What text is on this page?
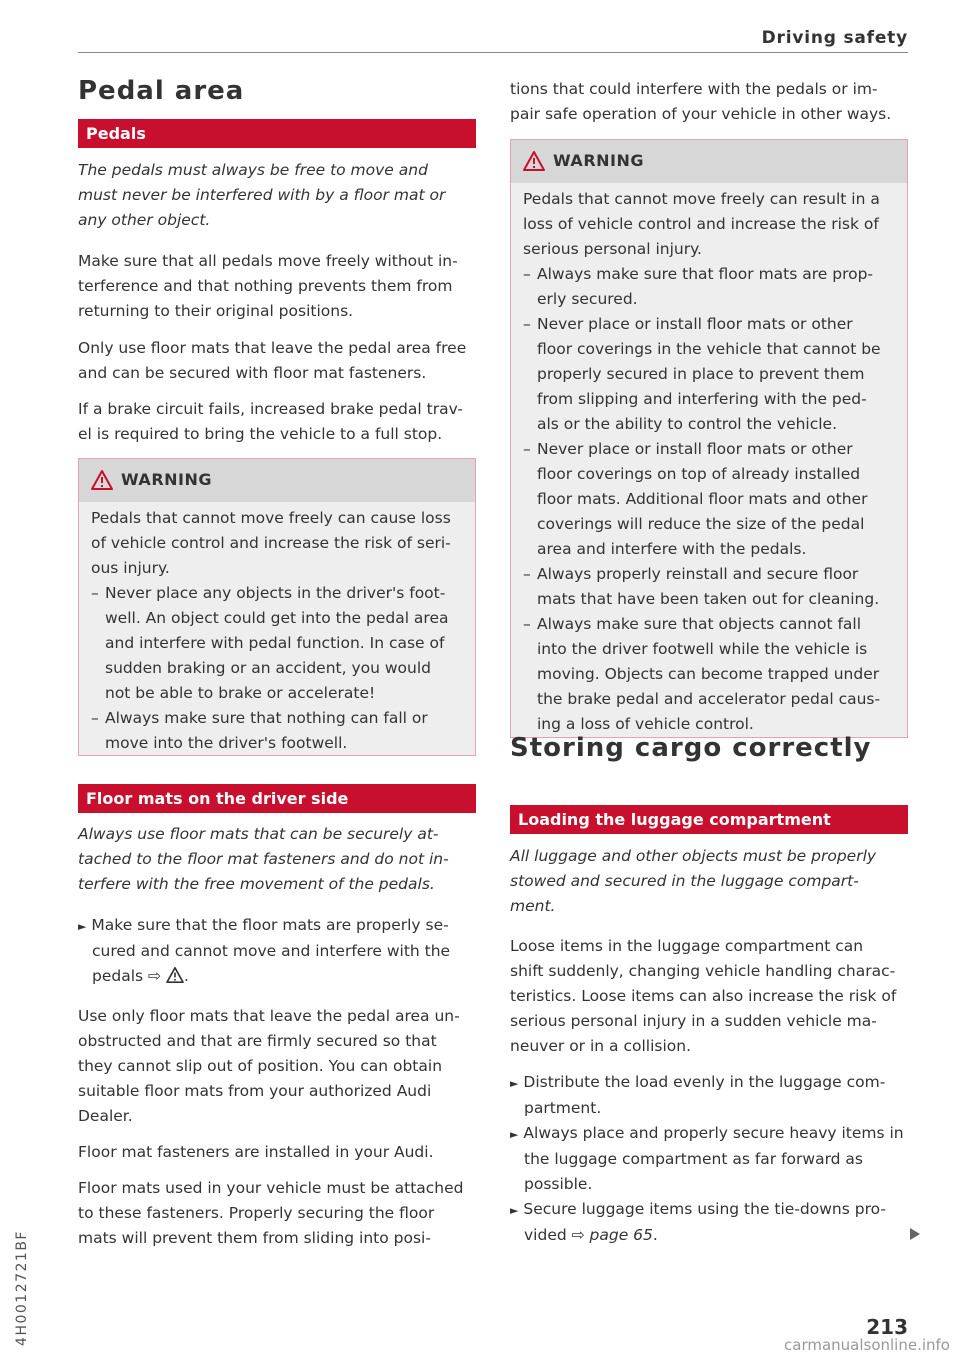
Driving safety
Pedal area
Pedals
The pedals must always be free to move and
must never be interfered with by a floor mat or
any other object.
Make sure that all pedals move freely without in-
terference and that nothing prevents them from
returning to their original positions.
Only use floor mats that leave the pedal area free
and can be secured with floor mat fasteners.
If a brake circuit fails, increased brake pedal trav-
el is required to bring the vehicle to a full stop.
WARNING
Pedals that cannot move freely can cause loss
of vehicle control and increase the risk of seri-
ous injury.
– Never place any objects in the driver's foot-
well. An object could get into the pedal area
and interfere with pedal function. In case of
sudden braking or an accident, you would
not be able to brake or accelerate!
– Always make sure that nothing can fall or
move into the driver's footwell.
Floor mats on the driver side
Always use floor mats that can be securely at-
tached to the floor mat fasteners and do not in-
terfere with the free movement of the pedals.
► Make sure that the floor mats are properly se-
cured and cannot move and interfere with the
pedals ⇨ .
Use only floor mats that leave the pedal area un-
obstructed and that are firmly secured so that
they cannot slip out of position. You can obtain
suitable floor mats from your authorized Audi
Dealer.
Floor mat fasteners are installed in your Audi.
Floor mats used in your vehicle must be attached
to these fasteners. Properly securing the floor
mats will prevent them from sliding into posi-
tions that could interfere with the pedals or im-
pair safe operation of your vehicle in other ways.
WARNING
Pedals that cannot move freely can result in a
loss of vehicle control and increase the risk of
serious personal injury.
– Always make sure that floor mats are prop-
erly secured.
– Never place or install floor mats or other
floor coverings in the vehicle that cannot be
properly secured in place to prevent them
from slipping and interfering with the ped-
als or the ability to control the vehicle.
– Never place or install floor mats or other
floor coverings on top of already installed
floor mats. Additional floor mats and other
coverings will reduce the size of the pedal
area and interfere with the pedals.
– Always properly reinstall and secure floor
mats that have been taken out for cleaning.
– Always make sure that objects cannot fall
into the driver footwell while the vehicle is
moving. Objects can become trapped under
the brake pedal and accelerator pedal caus-
ing a loss of vehicle control.
Storing cargo correctly
Loading the luggage compartment
All luggage and other objects must be properly
stowed and secured in the luggage compart-
ment.
Loose items in the luggage compartment can
shift suddenly, changing vehicle handling charac-
teristics. Loose items can also increase the risk of
serious personal injury in a sudden vehicle ma-
neuver or in a collision.
► Distribute the load evenly in the luggage com-
partment.
► Always place and properly secure heavy items in
the luggage compartment as far forward as
possible.
► Secure luggage items using the tie-downs pro-
vided ⇨ page 65.
4H0012721BF	213
carmanualsonline.info
